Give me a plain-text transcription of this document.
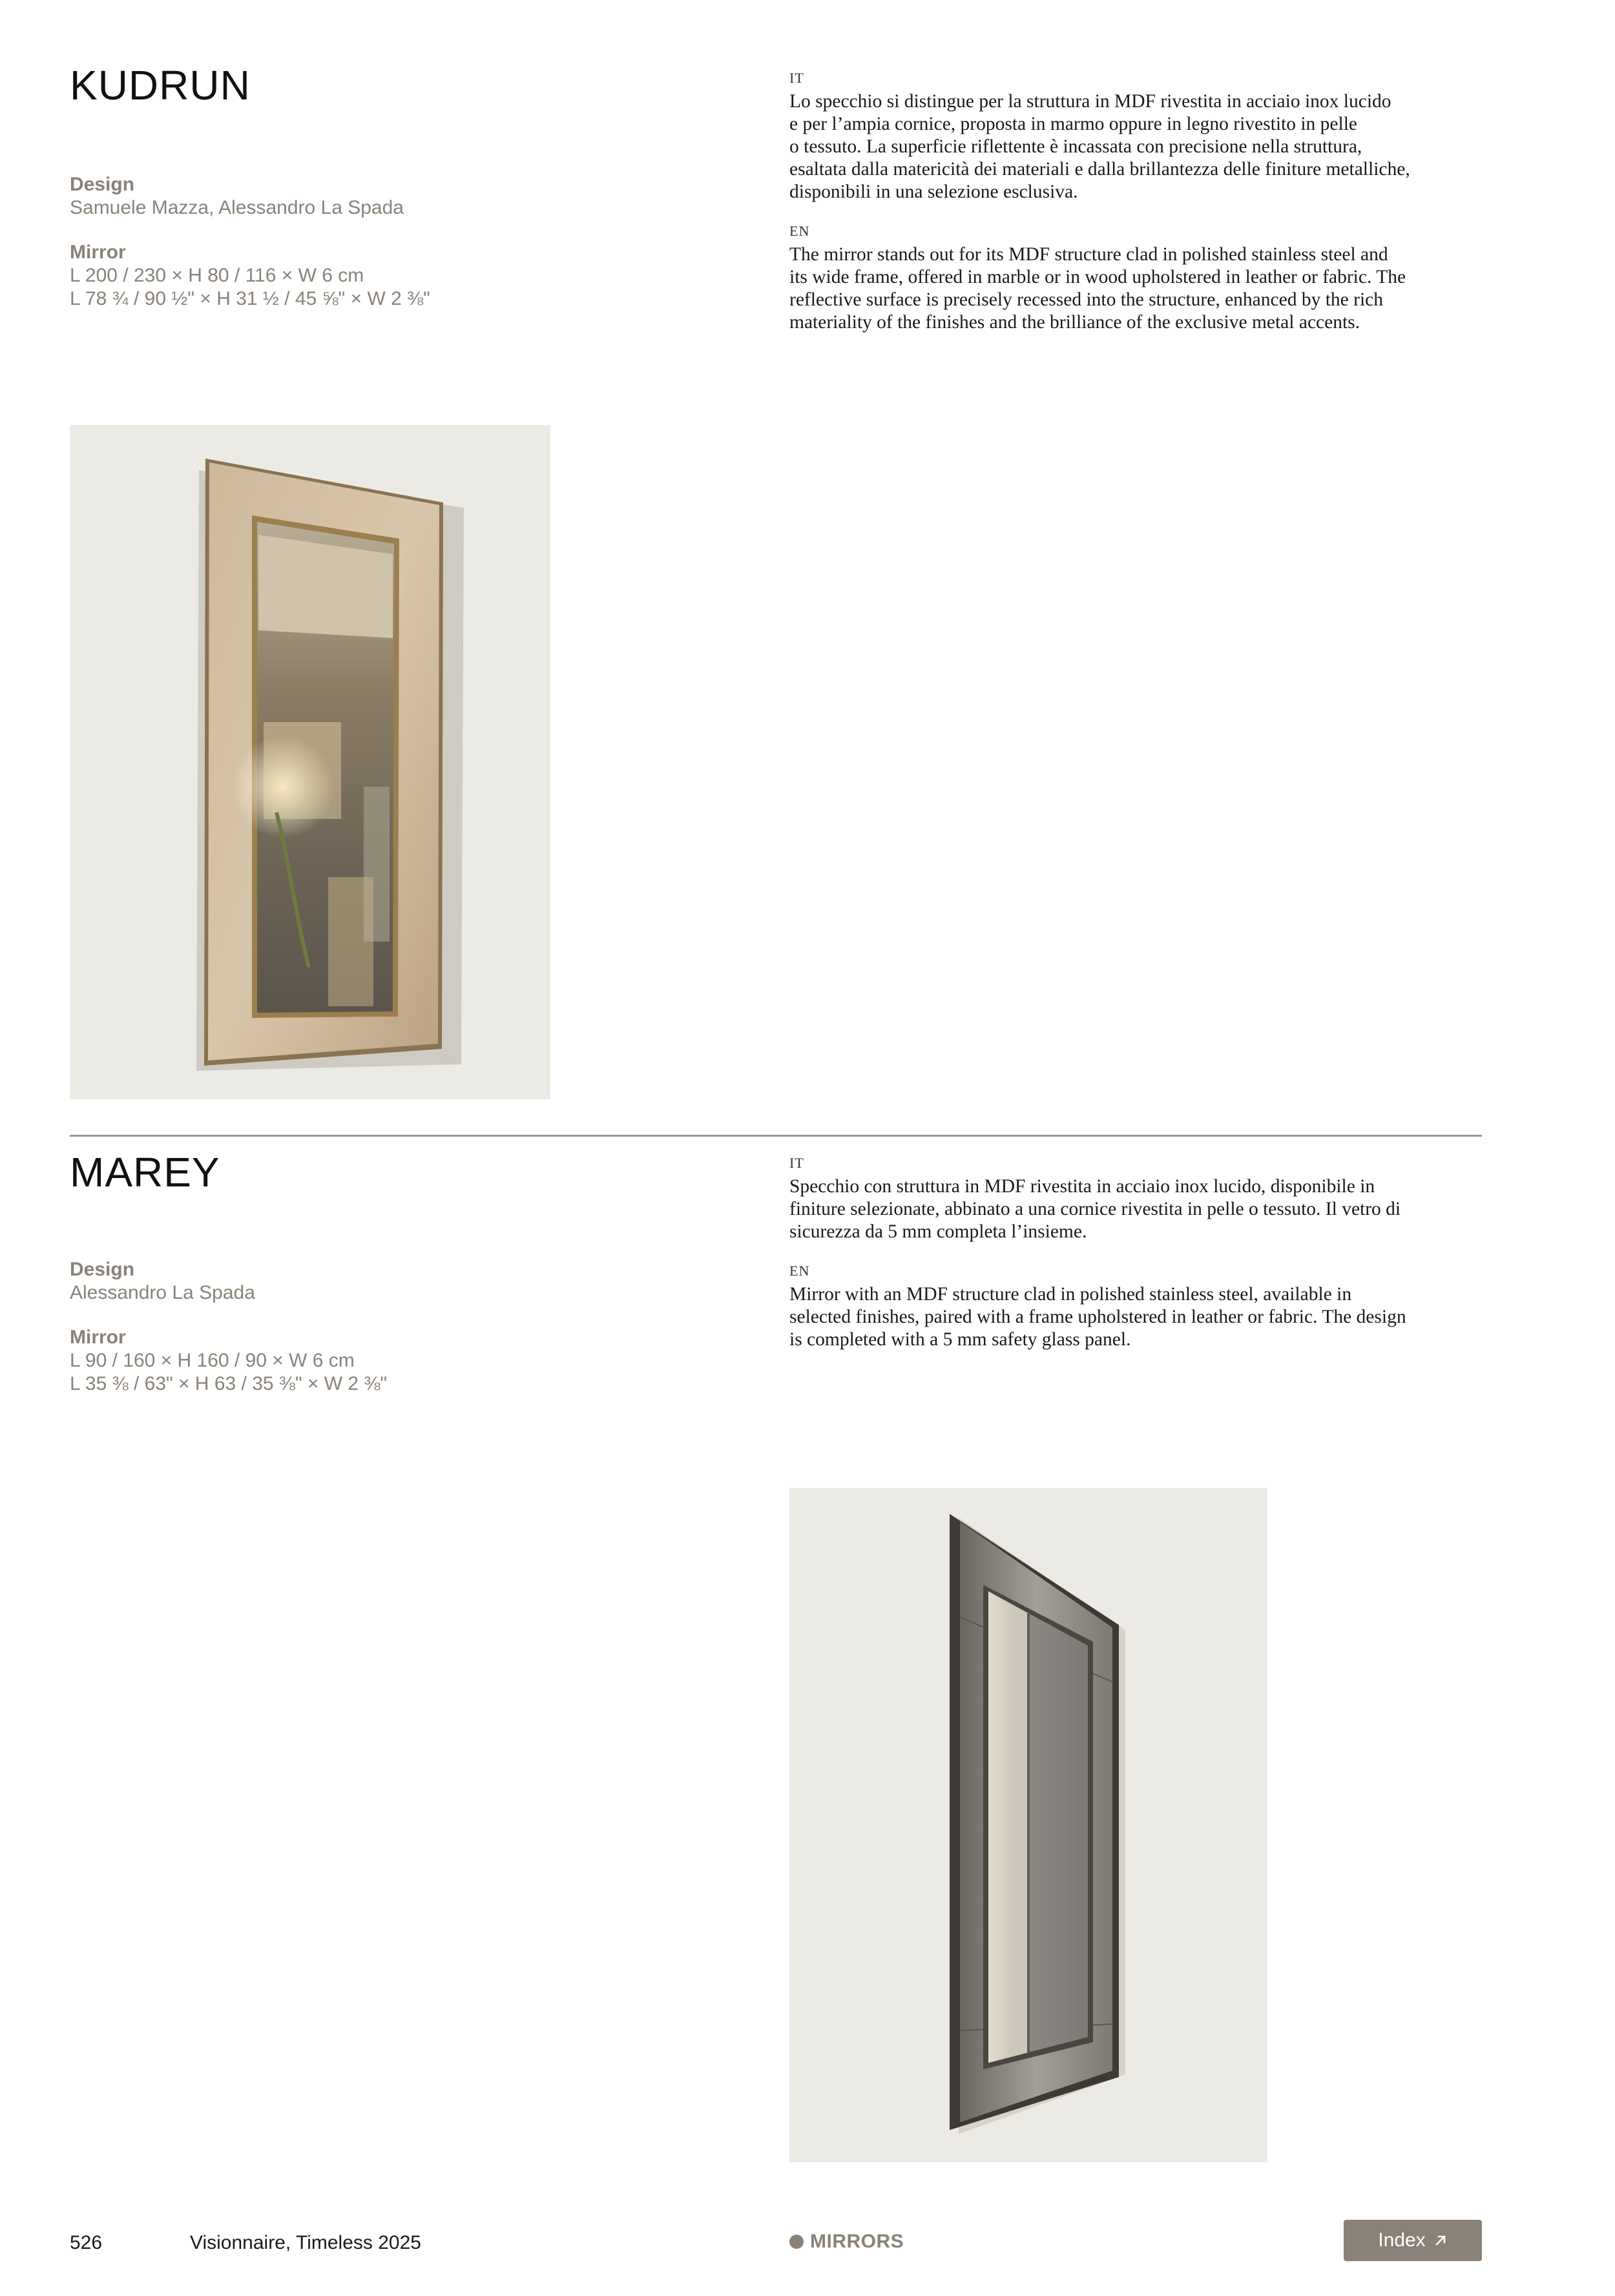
KUDRUN
Design
Samuele Mazza, Alessandro La Spada
Mirror
L 200 / 230 × H 80 / 116 × W 6 cm
L 78 ¾ / 90 ½" × H 31 ½ / 45 ⅝" × W 2 ⅜"
IT

Lo specchio si distingue per la struttura in MDF rivestita in acciaio inox lucido
e per l’ampia cornice, proposta in marmo oppure in legno rivestito in pelle
o tessuto. La superficie riflettente è incassata con precisione nella struttura,
esaltata dalla matericità dei materiali e dalla brillantezza delle finiture metalliche,
disponibili in una selezione esclusiva.

EN

The mirror stands out for its MDF structure clad in polished stainless steel and
its wide frame, offered in marble or in wood upholstered in leather or fabric. The
reflective surface is precisely recessed into the structure, enhanced by the rich
materiality of the finishes and the brilliance of the exclusive metal accents.

MAREY
Design
Alessandro La Spada
Mirror
L 90 / 160 × H 160 / 90 × W 6 cm
L 35 ⅜ / 63" × H 63 / 35 ⅜" × W 2 ⅜"
IT

Specchio con struttura in MDF rivestita in acciaio inox lucido, disponibile in
finiture selezionate, abbinato a una cornice rivestita in pelle o tessuto. Il vetro di
sicurezza da 5 mm completa l’insieme.

EN

Mirror with an MDF structure clad in polished stainless steel, available in
selected finishes, paired with a frame upholstered in leather or fabric. The design
is completed with a 5 mm safety glass panel.

526	Visionnaire, Timeless 2025	MIRRORS	Index
